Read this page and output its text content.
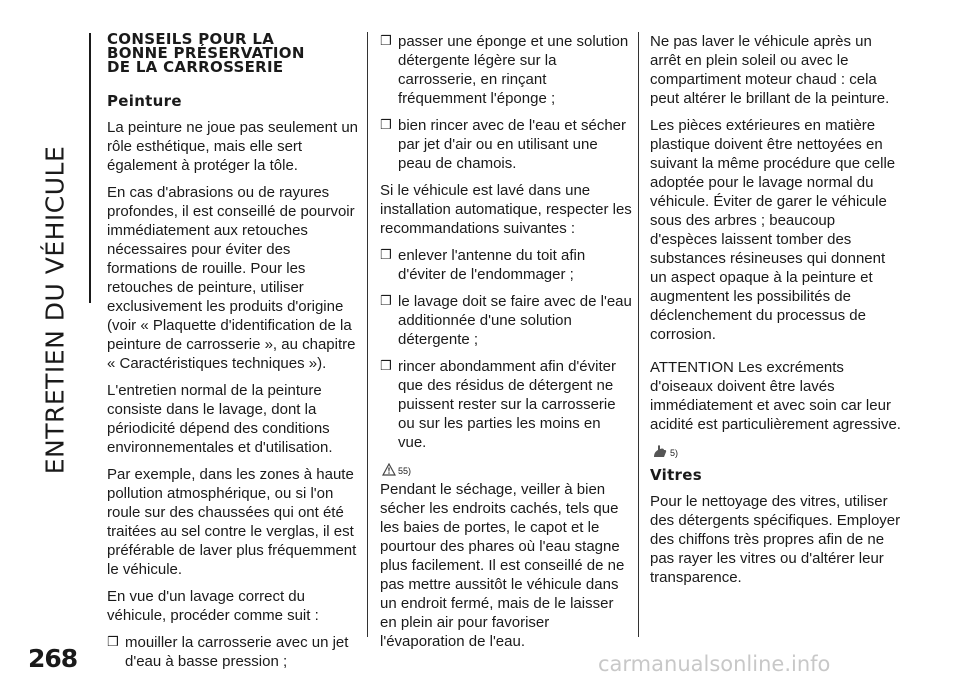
ENTRETIEN DU VÉHICULE
268	carmanualsonline.info
CONSEILS POUR LA
BONNE PRÉSERVATION
DE LA CARROSSERIE
Peinture

La peinture ne joue pas seulement un rôle esthétique, mais elle sert également à protéger la tôle.

En cas d'abrasions ou de rayures profondes, il est conseillé de pourvoir immédiatement aux retouches nécessaires pour éviter des formations de rouille. Pour les retouches de peinture, utiliser exclusivement les produits d'origine (voir « Plaquette d'identification de la peinture de carrosserie », au chapitre « Caractéristiques techniques »).

L'entretien normal de la peinture consiste dans le lavage, dont la périodicité dépend des conditions environnementales et d'utilisation.

Par exemple, dans les zones à haute pollution atmosphérique, ou si l'on roule sur des chaussées qui ont été traitées au sel contre le verglas, il est préférable de laver plus fréquemment le véhicule.

En vue d'un lavage correct du véhicule, procéder comme suit :

❒ mouiller la carrosserie avec un jet d'eau à basse pression ;
❒ passer une éponge et une solution détergente légère sur la carrosserie, en rinçant fréquemment l'éponge ;
❒ bien rincer avec de l'eau et sécher par jet d'air ou en utilisant une peau de chamois.

Si le véhicule est lavé dans une installation automatique, respecter les recommandations suivantes :

❒ enlever l'antenne du toit afin d'éviter de l'endommager ;
❒ le lavage doit se faire avec de l'eau additionnée d'une solution détergente ;
❒ rincer abondamment afin d'éviter que des résidus de détergent ne puissent rester sur la carrosserie ou sur les parties les moins en vue.
55)

Pendant le séchage, veiller à bien sécher les endroits cachés, tels que les baies de portes, le capot et le pourtour des phares où l'eau stagne plus facilement. Il est conseillé de ne pas mettre aussitôt le véhicule dans un endroit fermé, mais de le laisser en plein air pour favoriser l'évaporation de l'eau.

Ne pas laver le véhicule après un arrêt en plein soleil ou avec le compartiment moteur chaud : cela peut altérer le brillant de la peinture.

Les pièces extérieures en matière plastique doivent être nettoyées en suivant la même procédure que celle adoptée pour le lavage normal du véhicule. Éviter de garer le véhicule sous des arbres ; beaucoup d'espèces laissent tomber des substances résineuses qui donnent un aspect opaque à la peinture et augmentent les possibilités de déclenchement du processus de corrosion.

ATTENTION Les excréments d'oiseaux doivent être lavés immédiatement et avec soin car leur acidité est particulièrement agressive.

5)
Vitres

Pour le nettoyage des vitres, utiliser des détergents spécifiques. Employer des chiffons très propres afin de ne pas rayer les vitres ou d'altérer leur transparence.
